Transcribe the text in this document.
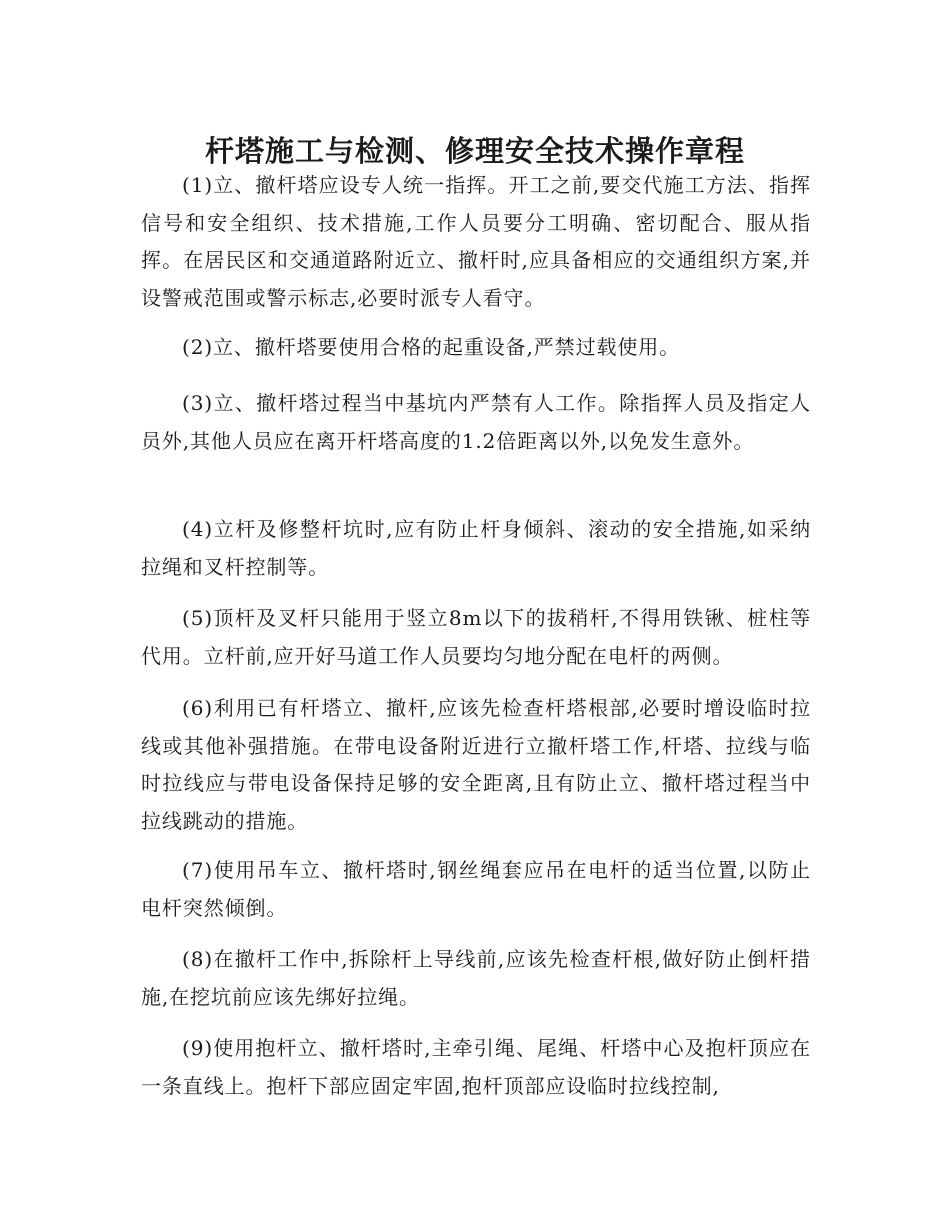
杆塔施工与检测、修理安全技术操作章程

(1)立、撤杆塔应设专人统一指挥。开工之前,要交代施工方法、指挥信号和安全组织、技术措施,工作人员要分工明确、密切配合、服从指挥。在居民区和交通道路附近立、撤杆时,应具备相应的交通组织方案,并设警戒范围或警示标志,必要时派专人看守。

(2)立、撤杆塔要使用合格的起重设备,严禁过载使用。

(3)立、撤杆塔过程当中基坑内严禁有人工作。除指挥人员及指定人员外,其他人员应在离开杆塔高度的1.2倍距离以外,以免发生意外。

(4)立杆及修整杆坑时,应有防止杆身倾斜、滚动的安全措施,如采纳拉绳和叉杆控制等。

(5)顶杆及叉杆只能用于竖立8m以下的拔稍杆,不得用铁锹、桩柱等代用。立杆前,应开好马道工作人员要均匀地分配在电杆的两侧。

(6)利用已有杆塔立、撤杆,应该先检查杆塔根部,必要时增设临时拉线或其他补强措施。在带电设备附近进行立撤杆塔工作,杆塔、拉线与临时拉线应与带电设备保持足够的安全距离,且有防止立、撤杆塔过程当中拉线跳动的措施。

(7)使用吊车立、撤杆塔时,钢丝绳套应吊在电杆的适当位置,以防止电杆突然倾倒。

(8)在撤杆工作中,拆除杆上导线前,应该先检查杆根,做好防止倒杆措施,在挖坑前应该先绑好拉绳。

(9)使用抱杆立、撤杆塔时,主牵引绳、尾绳、杆塔中心及抱杆顶应在一条直线上。抱杆下部应固定牢固,抱杆顶部应设临时拉线控制,
